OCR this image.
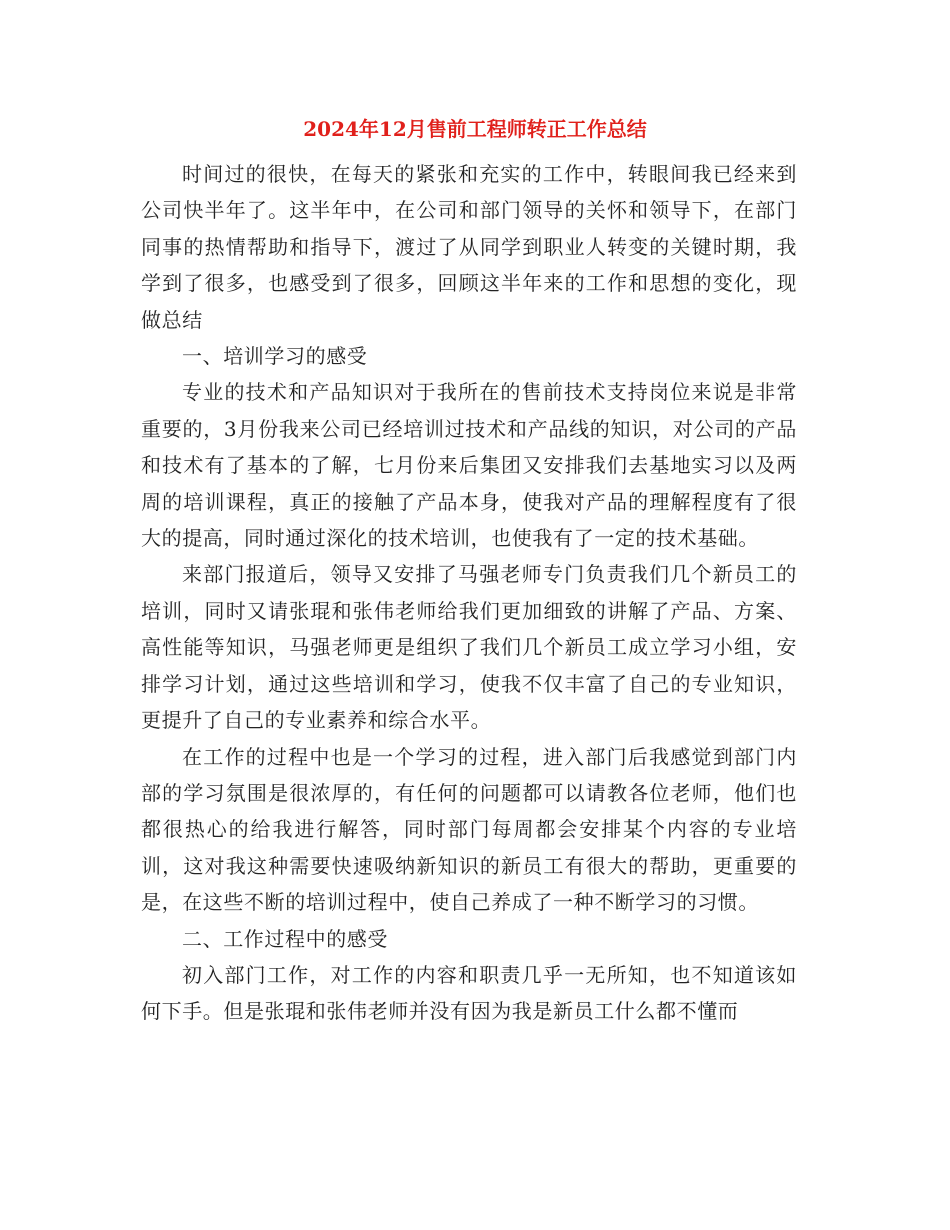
2024年12月售前工程师转正工作总结

时间过的很快，在每天的紧张和充实的工作中，转眼间我已经来到公司快半年了。这半年中，在公司和部门领导的关怀和领导下，在部门同事的热情帮助和指导下，渡过了从同学到职业人转变的关键时期，我学到了很多，也感受到了很多，回顾这半年来的工作和思想的变化，现做总结

一、培训学习的感受

专业的技术和产品知识对于我所在的售前技术支持岗位来说是非常重要的，3月份我来公司已经培训过技术和产品线的知识，对公司的产品和技术有了基本的了解，七月份来后集团又安排我们去基地实习以及两周的培训课程，真正的接触了产品本身，使我对产品的理解程度有了很大的提高，同时通过深化的技术培训，也使我有了一定的技术基础。

来部门报道后，领导又安排了马强老师专门负责我们几个新员工的培训，同时又请张琨和张伟老师给我们更加细致的讲解了产品、方案、高性能等知识，马强老师更是组织了我们几个新员工成立学习小组，安排学习计划，通过这些培训和学习，使我不仅丰富了自己的专业知识，更提升了自己的专业素养和综合水平。

在工作的过程中也是一个学习的过程，进入部门后我感觉到部门内部的学习氛围是很浓厚的，有任何的问题都可以请教各位老师，他们也都很热心的给我进行解答，同时部门每周都会安排某个内容的专业培训，这对我这种需要快速吸纳新知识的新员工有很大的帮助，更重要的是，在这些不断的培训过程中，使自己养成了一种不断学习的习惯。

二、工作过程中的感受

初入部门工作，对工作的内容和职责几乎一无所知，也不知道该如何下手。但是张琨和张伟老师并没有因为我是新员工什么都不懂而
